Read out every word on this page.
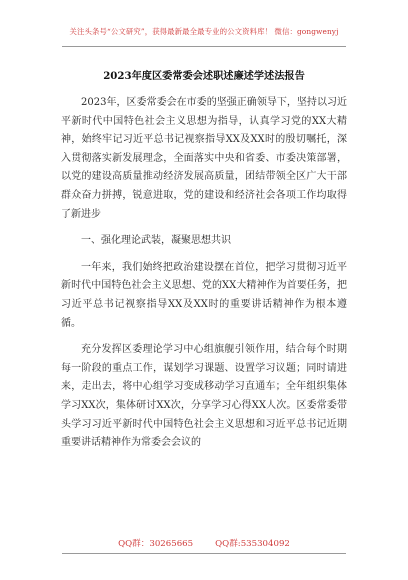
关注头条号“公文研究”，获得最新最全最专业的公文资料库！ 微信：gongwenyj
2023年度区委常委会述职述廉述学述法报告

2023年，区委常委会在市委的坚强正确领导下，坚持以习近平新时代中国特色社会主义思想为指导，认真学习党的XX大精神，始终牢记习近平总书记视察指导XX及XX时的殷切嘱托，深入贯彻落实新发展理念，全面落实中央和省委、市委决策部署，以党的建设高质量推动经济发展高质量，团结带领全区广大干部群众奋力拼搏，锐意进取，党的建设和经济社会各项工作均取得了新进步

一、强化理论武装，凝聚思想共识

一年来，我们始终把政治建设摆在首位，把学习贯彻习近平新时代中国特色社会主义思想、党的XX大精神作为首要任务，把习近平总书记视察指导XX及XX时的重要讲话精神作为根本遵循。

充分发挥区委理论学习中心组旗舰引领作用，结合每个时期每一阶段的重点工作，谋划学习课题、设置学习议题；同时请进来，走出去，将中心组学习变成移动学习直通车；全年组织集体学习XX次，集体研讨XX次，分享学习心得XX人次。区委常委带头学习习近平新时代中国特色社会主义思想和习近平总书记近期重要讲话精神作为常委会会议的

QQ群：30265665	QQ群:535304092
